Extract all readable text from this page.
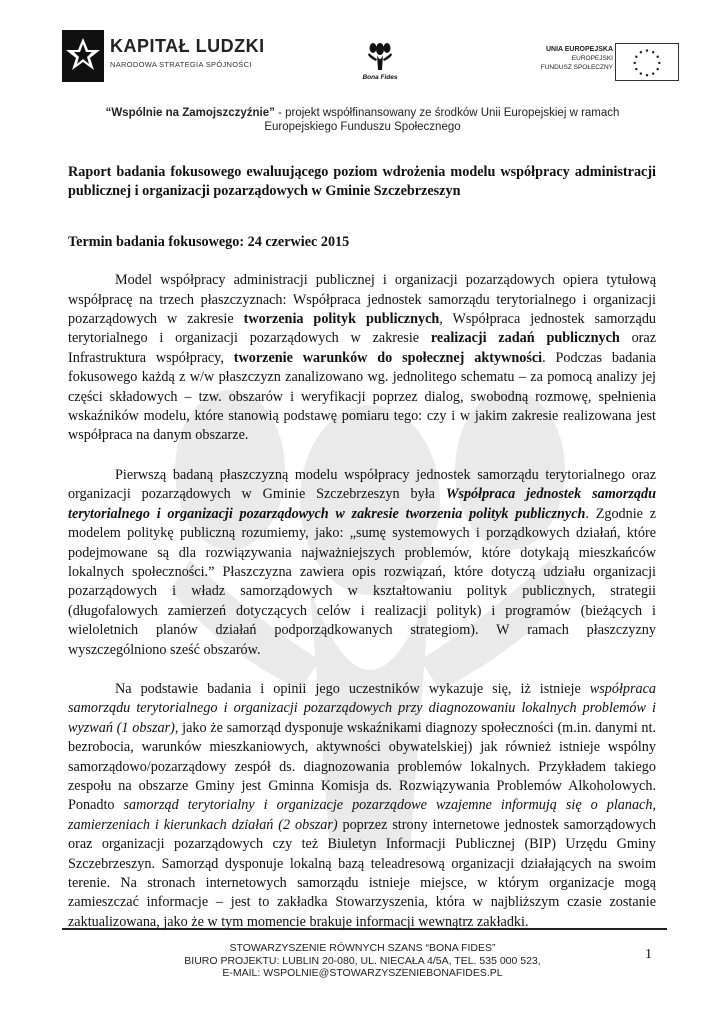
KAPITAŁ LUDZKI
NARODOWA STRATEGIA SPÓJNOŚCI
Bona Fides
UNIA EUROPEJSKA
EUROPEJSKI
FUNDUSZ SPOŁECZNY
“Wspólnie na Zamojszczyźnie” - projekt współfinansowany ze środków Unii Europejskiej w ramach
Europejskiego Funduszu Społecznego
Raport badania fokusowego ewaluującego poziom wdrożenia modelu współpracy administracji publicznej i organizacji pozarządowych w Gminie Szczebrzeszyn
Termin badania fokusowego: 24 czerwiec 2015

Model współpracy administracji publicznej i organizacji pozarządowych opiera tytułową współpracę na trzech płaszczyznach: Współpraca jednostek samorządu terytorialnego i organizacji pozarządowych w zakresie tworzenia polityk publicznych, Współpraca jednostek samorządu terytorialnego i organizacji pozarządowych w zakresie realizacji zadań publicznych oraz Infrastruktura współpracy, tworzenie warunków do społecznej aktywności. Podczas badania fokusowego każdą z w/w płaszczyzn zanalizowano wg. jednolitego schematu – za pomocą analizy jej części składowych – tzw. obszarów i weryfikacji poprzez dialog, swobodną rozmowę, spełnienia wskaźników modelu, które stanowią podstawę pomiaru tego: czy i w jakim zakresie realizowana jest współpraca na danym obszarze.

Pierwszą badaną płaszczyzną modelu współpracy jednostek samorządu terytorialnego oraz organizacji pozarządowych w Gminie Szczebrzeszyn była Współpraca jednostek samorządu terytorialnego i organizacji pozarządowych w zakresie tworzenia polityk publicznych. Zgodnie z modelem politykę publiczną rozumiemy, jako: „sumę systemowych i porządkowych działań, które podejmowane są dla rozwiązywania najważniejszych problemów, które dotykają mieszkańców lokalnych społeczności.” Płaszczyzna zawiera opis rozwiązań, które dotyczą udziału organizacji pozarządowych i władz samorządowych w kształtowaniu polityk publicznych, strategii (długofalowych zamierzeń dotyczących celów i realizacji polityk) i programów (bieżących i wieloletnich planów działań podporządkowanych strategiom). W ramach płaszczyzny wyszczególniono sześć obszarów.

Na podstawie badania i opinii jego uczestników wykazuje się, iż istnieje współpraca samorządu terytorialnego i organizacji pozarządowych przy diagnozowaniu lokalnych problemów i wyzwań (1 obszar), jako że samorząd dysponuje wskaźnikami diagnozy społeczności (m.in. danymi nt. bezrobocia, warunków mieszkaniowych, aktywności obywatelskiej) jak również istnieje wspólny samorządowo/pozarządowy zespół ds. diagnozowania problemów lokalnych. Przykładem takiego zespołu na obszarze Gminy jest Gminna Komisja ds. Rozwiązywania Problemów Alkoholowych. Ponadto samorząd terytorialny i organizacje pozarządowe wzajemne informują się o planach, zamierzeniach i kierunkach działań (2 obszar) poprzez strony internetowe jednostek samorządowych oraz organizacji pozarządowych czy też Biuletyn Informacji Publicznej (BIP) Urzędu Gminy Szczebrzeszyn. Samorząd dysponuje lokalną bazą teleadresową organizacji działających na swoim terenie. Na stronach internetowych samorządu istnieje miejsce, w którym organizacje mogą zamieszczać informacje – jest to zakładka Stowarzyszenia, która w najbliższym czasie zostanie zaktualizowana, jako że w tym momencie brakuje informacji wewnątrz zakładki.

STOWARZYSZENIE RÓWNYCH SZANS “BONA FIDES”
BIURO PROJEKTU: LUBLIN 20-080, UL. NIECAŁA 4/5A, TEL. 535 000 523,
E-MAIL: WSPOLNIE@STOWARZYSZENIEBONAFIDES.PL
1
